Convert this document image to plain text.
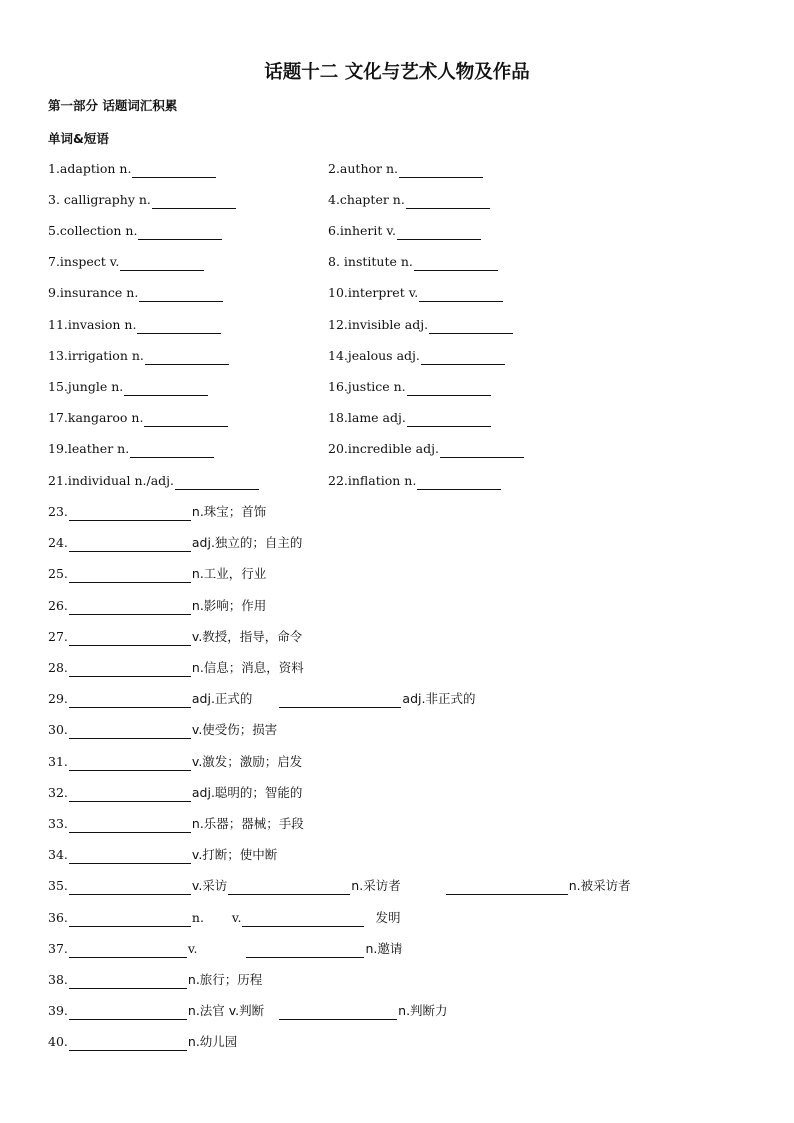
话题十二 文化与艺术人物及作品
第一部分 话题词汇积累
单词&短语
1.adaption n.	2.author n.
3. calligraphy n.	4.chapter n.
5.collection n.	6.inherit v.
7.inspect v.	8. institute n.
9.insurance n.	10.interpret v.
11.invasion n.	12.invisible adj.
13.irrigation n.	14.jealous adj.
15.jungle n.	16.justice n.
17.kangaroo n.	18.lame adj.
19.leather n.	20.incredible adj.
21.individual n./adj.	22.inflation n.
23.	n.珠宝；首饰
24.	adj.独立的；自主的
25.	n.工业，行业
26.	n.影响；作用
27.	v.教授，指导，命令
28.	n.信息；消息，资料
29.	adj.正式的	adj.非正式的
30.	v.使受伤；损害
31.	v.激发；激励；启发
32.	adj.聪明的；智能的
33.	n.乐器；器械；手段
34.	v.打断；使中断
35.	v.采访	n.采访者	n.被采访者
36.	n. v.	发明
37.	v.	n.邀请
38.	n.旅行；历程
39.	n.法官 v.判断	n.判断力
40.	n.幼儿园
